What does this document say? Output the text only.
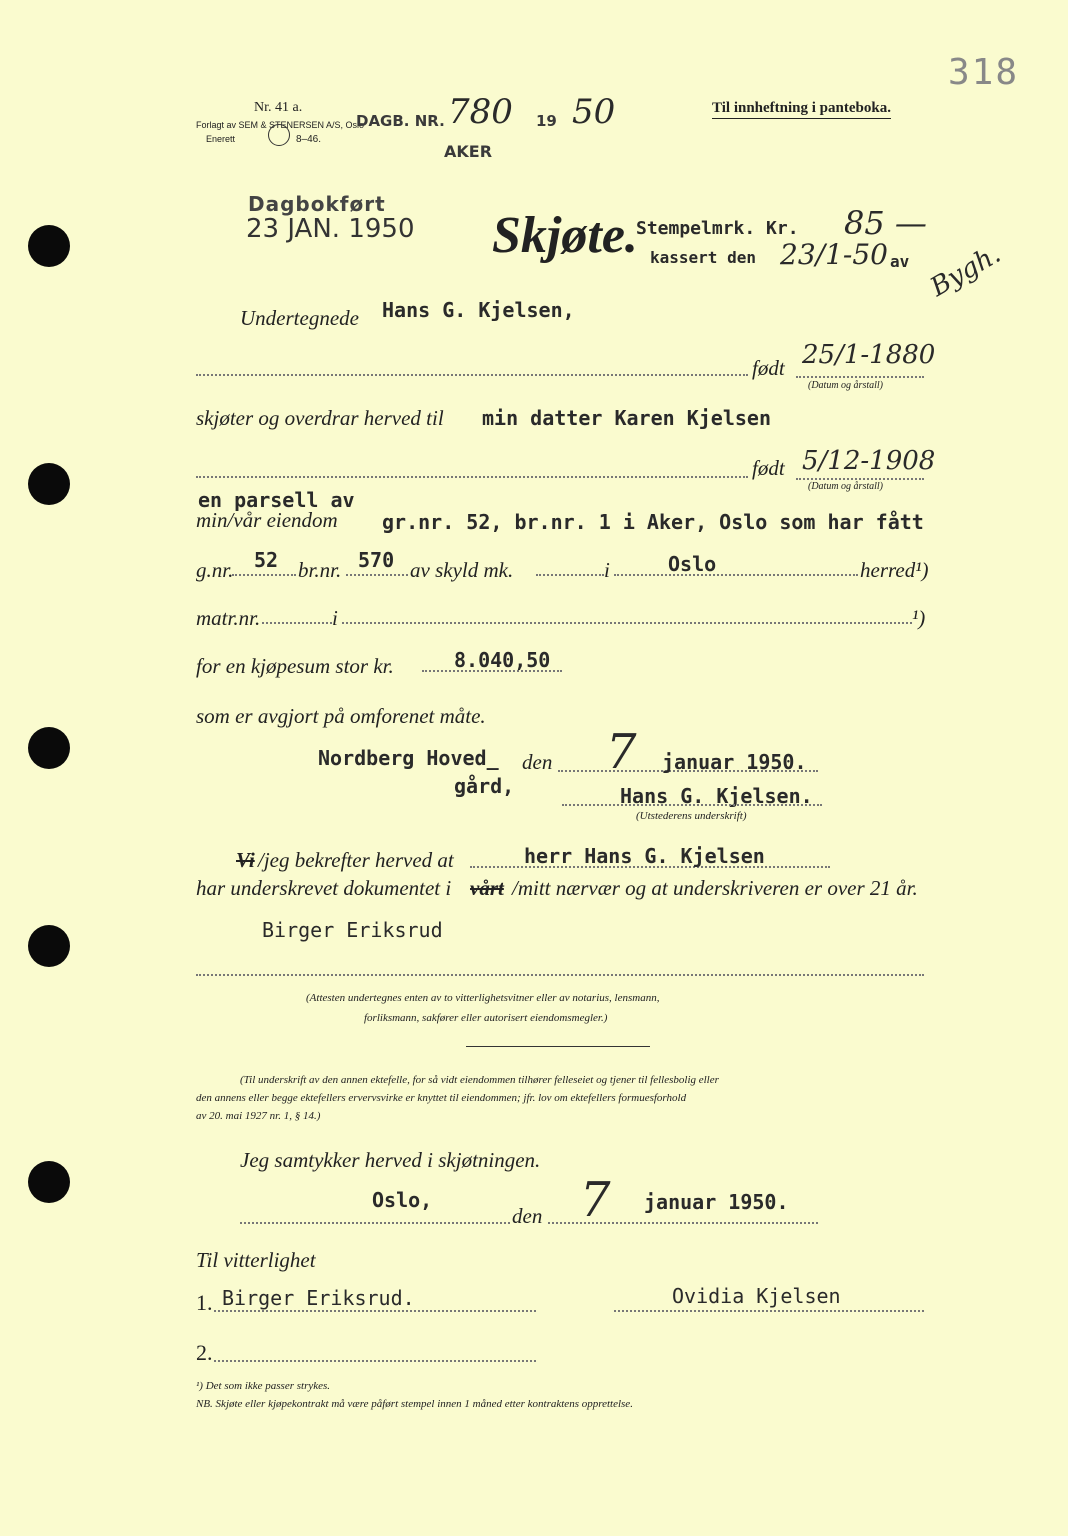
318
Nr. 41 a.
Forlagt av SEM & STENERSEN A/S, Oslo
Enerett	8–46.
DAGB. NR. 780 19 50
AKER
Til innheftning i panteboka.
Dagbokført
23 JAN. 1950 Skjøte.
Stempelmrk. Kr. 85 —
kassert den 23/1-50 av Bygh.
Undertegnede Hans G. Kjelsen,
født 25/1-1880
(Datum og årstall)
skjøter og overdrar herved til min datter Karen Kjelsen
født 5/12-1908
(Datum og årstall)
en parsell av
min/vår eiendom gr.nr. 52, br.nr. 1 i Aker, Oslo som har fått
g.nr. 52 br.nr. 570 av skyld mk.	i	Oslo	herred¹)
matr.nr.	i	¹)
for en kjøpesum stor kr.	8.040,50
som er avgjort på omforenet måte.
Nordberg Hoved_
gård,
den 7 januar 1950.
Hans G. Kjelsen.
(Utstederens underskrift)
Vi /jeg bekrefter herved at	herr Hans G. Kjelsen
har underskrevet dokumentet i vårt /mitt nærvær og at underskriveren er over 21 år.
Birger Eriksrud
(Attesten undertegnes enten av to vitterlighetsvitner eller av notarius, lensmann,
forliksmann, sakfører eller autorisert eiendomsmegler.)
(Til underskrift av den annen ektefelle, for så vidt eiendommen tilhører felleseiet og tjener til fellesbolig eller
den annens eller begge ektefellers ervervsvirke er knyttet til eiendommen; jfr. lov om ektefellers formuesforhold
av 20. mai 1927 nr. 1, § 14.)
Jeg samtykker herved i skjøtningen.
Oslo,
den 7 januar 1950.
Til vitterlighet
1. Birger Eriksrud.	Ovidia Kjelsen
2.
¹) Det som ikke passer strykes.
NB. Skjøte eller kjøpekontrakt må være påført stempel innen 1 måned etter kontraktens opprettelse.
